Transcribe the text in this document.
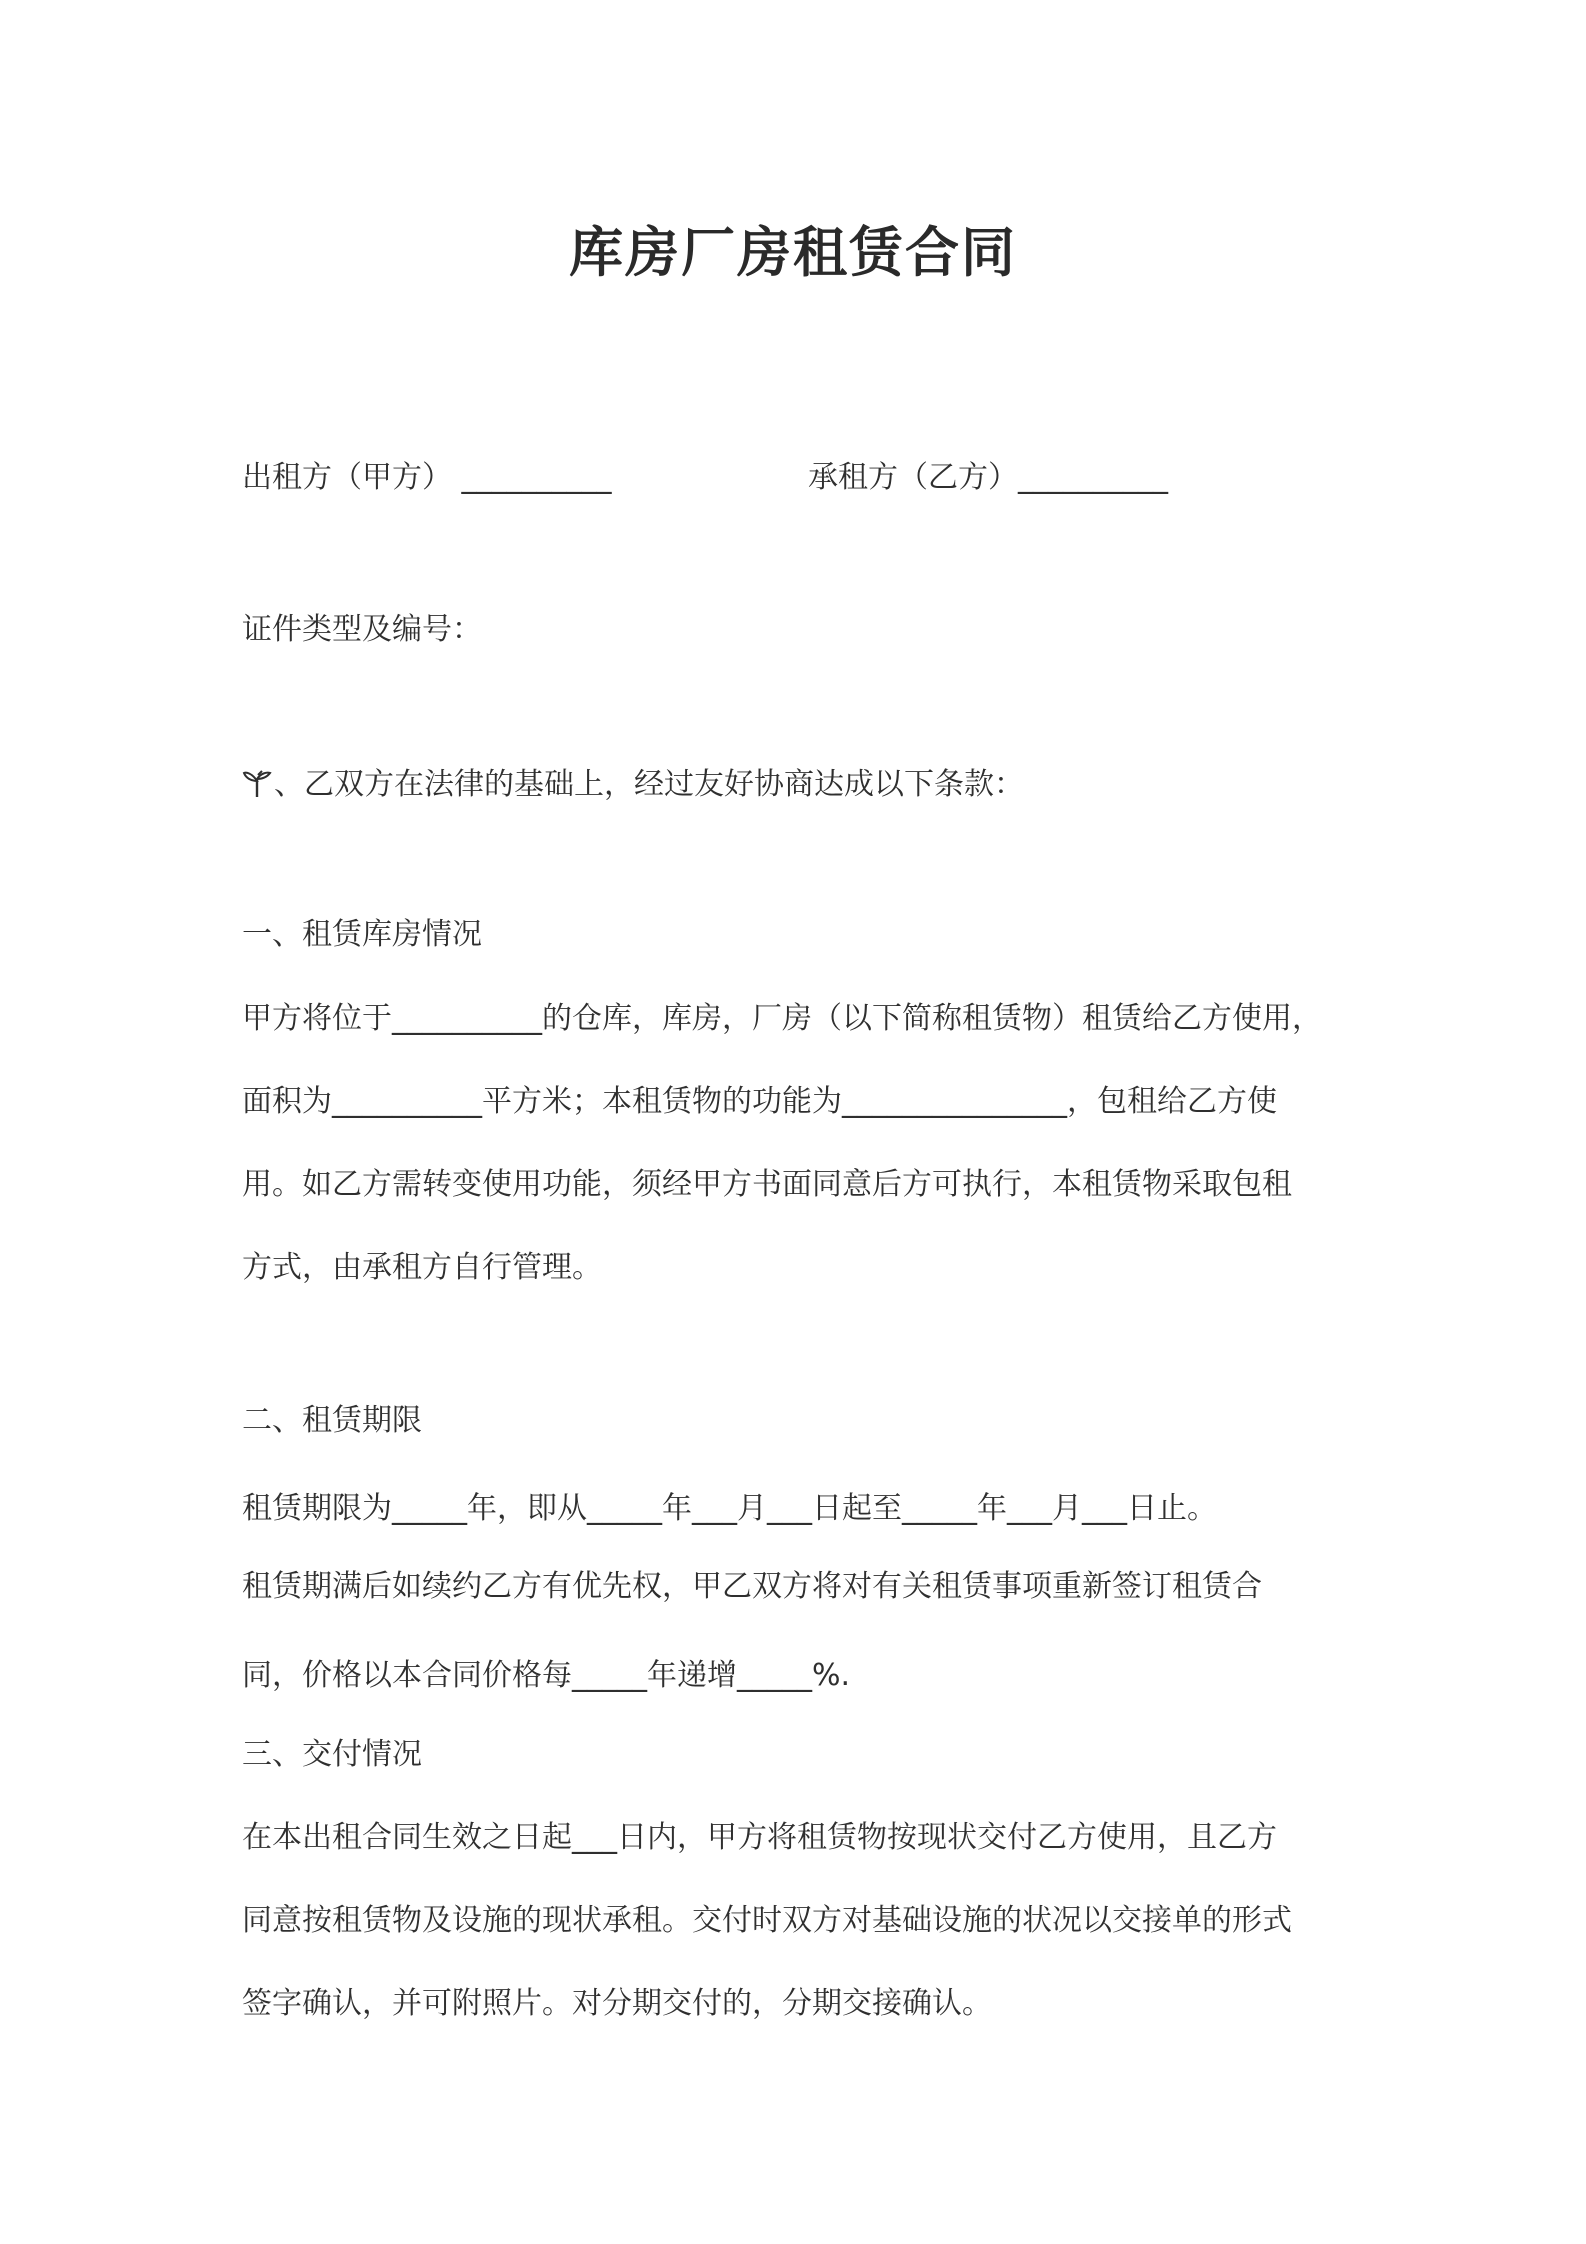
库房厂房租赁合同
出租方（甲方） __________	承租方（乙方）__________
证件类型及编号：
、乙双方在法律的基础上，经过友好协商达成以下条款：
一、租赁库房情况
甲方将位于__________的仓库，库房，厂房（以下简称租赁物）租赁给乙方使用，
面积为__________平方米；本租赁物的功能为_______________，包租给乙方使
用。如乙方需转变使用功能，须经甲方书面同意后方可执行，本租赁物采取包租
方式，由承租方自行管理。
二、租赁期限
租赁期限为_____年，即从_____年___月___日起至_____年___月___日止。
租赁期满后如续约乙方有优先权，甲乙双方将对有关租赁事项重新签订租赁合
同，价格以本合同价格每_____年递增_____%.
三、交付情况
在本出租合同生效之日起___日内，甲方将租赁物按现状交付乙方使用，且乙方
同意按租赁物及设施的现状承租。交付时双方对基础设施的状况以交接单的形式
签字确认，并可附照片。对分期交付的，分期交接确认。
